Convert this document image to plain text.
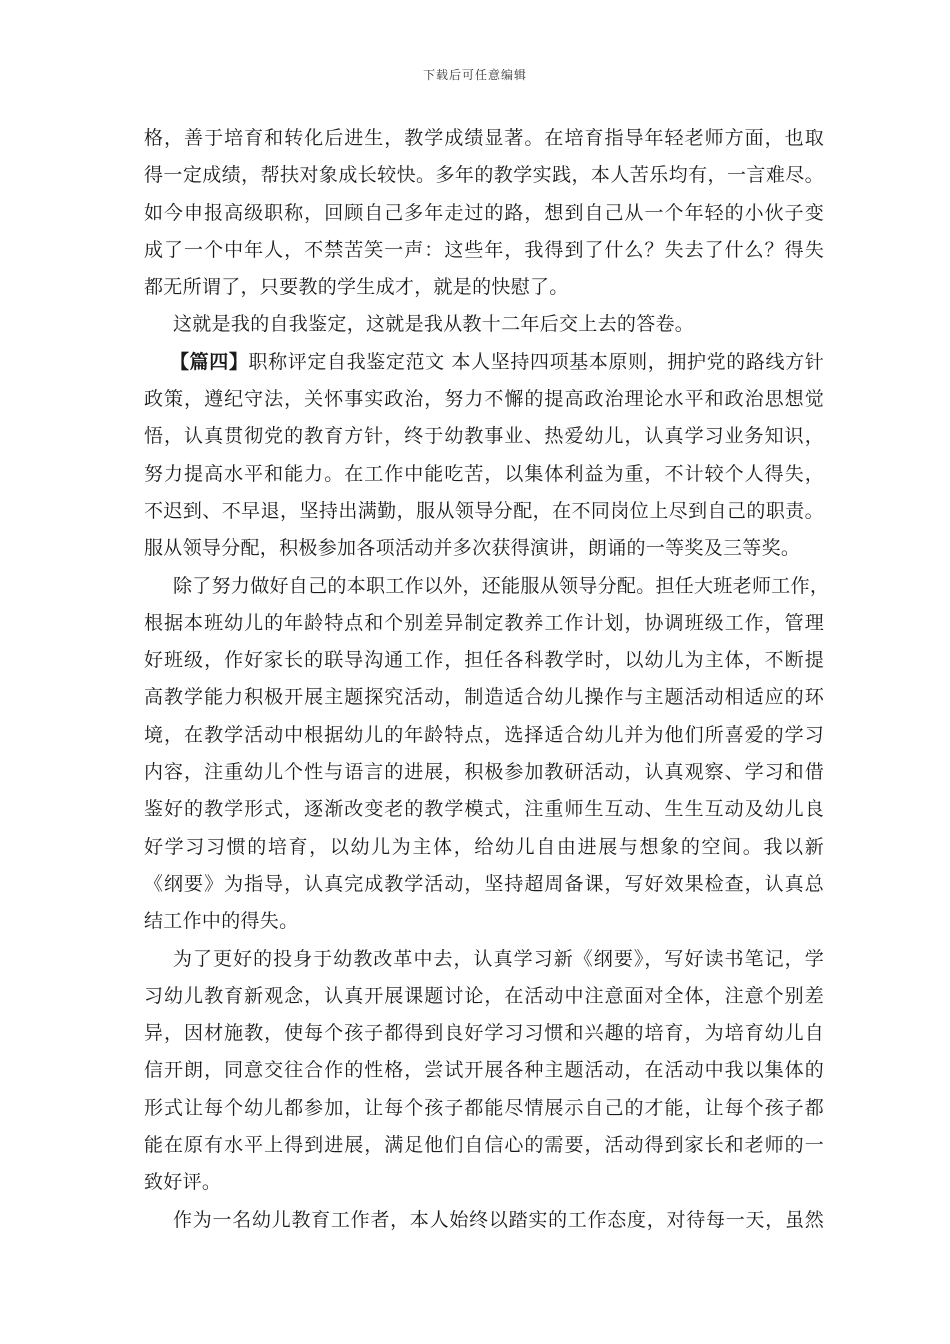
下载后可任意编辑
格，善于培育和转化后进生，教学成绩显著。在培育指导年轻老师方面，也取
得一定成绩，帮扶对象成长较快。多年的教学实践，本人苦乐均有，一言难尽。
如今申报高级职称，回顾自己多年走过的路，想到自己从一个年轻的小伙子变
成了一个中年人，不禁苦笑一声：这些年，我得到了什么？失去了什么？得失
都无所谓了，只要教的学生成才，就是的快慰了。
这就是我的自我鉴定，这就是我从教十二年后交上去的答卷。
【篇四】职称评定自我鉴定范文 本人坚持四项基本原则，拥护党的路线方针
政策，遵纪守法，关怀事实政治，努力不懈的提高政治理论水平和政治思想觉
悟，认真贯彻党的教育方针，终于幼教事业、热爱幼儿，认真学习业务知识，
努力提高水平和能力。在工作中能吃苦，以集体利益为重，不计较个人得失，
不迟到、不早退，坚持出满勤，服从领导分配，在不同岗位上尽到自己的职责。
服从领导分配，积极参加各项活动并多次获得演讲，朗诵的一等奖及三等奖。
除了努力做好自己的本职工作以外，还能服从领导分配。担任大班老师工作，
根据本班幼儿的年龄特点和个别差异制定教养工作计划，协调班级工作，管理
好班级，作好家长的联导沟通工作，担任各科教学时，以幼儿为主体，不断提
高教学能力积极开展主题探究活动，制造适合幼儿操作与主题活动相适应的环
境，在教学活动中根据幼儿的年龄特点，选择适合幼儿并为他们所喜爱的学习
内容，注重幼儿个性与语言的进展，积极参加教研活动，认真观察、学习和借
鉴好的教学形式，逐渐改变老的教学模式，注重师生互动、生生互动及幼儿良
好学习习惯的培育，以幼儿为主体，给幼儿自由进展与想象的空间。我以新
《纲要》为指导，认真完成教学活动，坚持超周备课，写好效果检查，认真总
结工作中的得失。
为了更好的投身于幼教改革中去，认真学习新《纲要》，写好读书笔记，学
习幼儿教育新观念，认真开展课题讨论，在活动中注意面对全体，注意个别差
异，因材施教，使每个孩子都得到良好学习习惯和兴趣的培育，为培育幼儿自
信开朗，同意交往合作的性格，尝试开展各种主题活动，在活动中我以集体的
形式让每个幼儿都参加，让每个孩子都能尽情展示自己的才能，让每个孩子都
能在原有水平上得到进展，满足他们自信心的需要，活动得到家长和老师的一
致好评。
作为一名幼儿教育工作者，本人始终以踏实的工作态度，对待每一天，虽然
